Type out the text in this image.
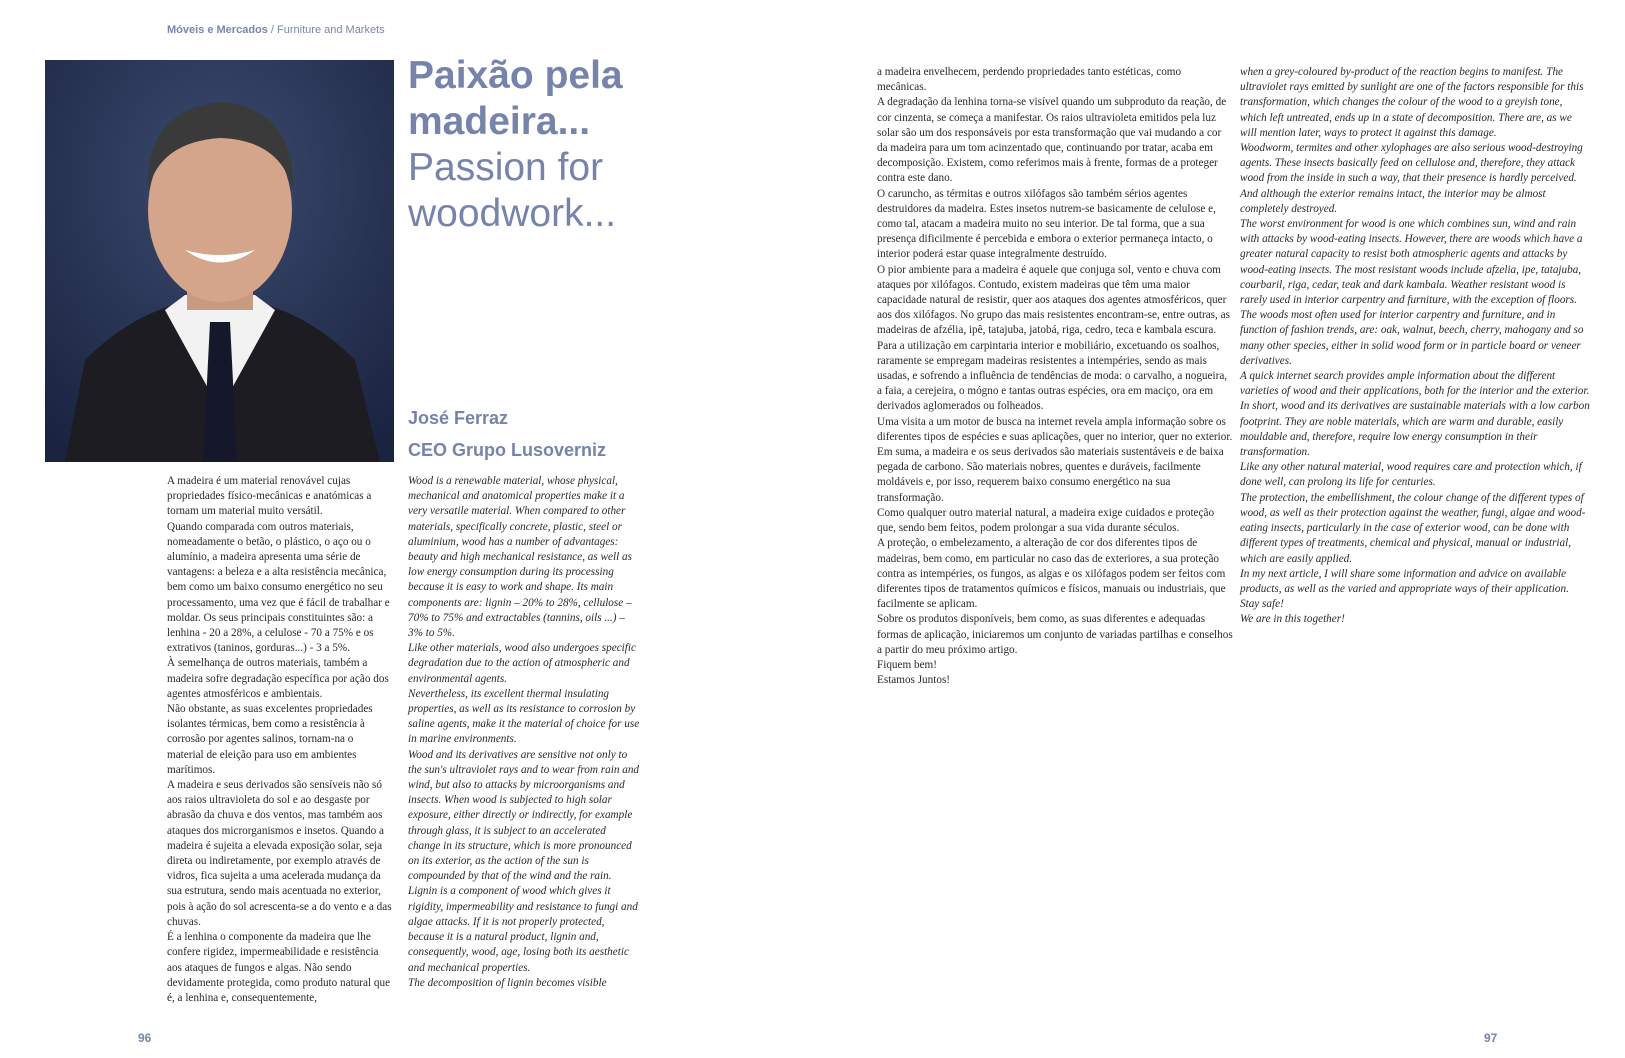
Móveis e Mercados / Furniture and Markets
Paixão pela
madeira...
Passion for
woodwork...
José Ferraz
CEO Grupo Lusoverniz

A madeira é um material renovável cujas propriedades físico-mecânicas e anatómicas a tornam um material muito versátil.

Quando comparada com outros materiais, nomeadamente o betão, o plástico, o aço ou o alumínio, a madeira apresenta uma série de vantagens: a beleza e a alta resistência mecânica, bem como um baixo consumo energético no seu processamento, uma vez que é fácil de trabalhar e moldar. Os seus principais constituintes são: a lenhina - 20 a 28%, a celulose - 70 a 75% e os extrativos (taninos, gorduras...) - 3 a 5%.

À semelhança de outros materiais, também a madeira sofre degradação específica por ação dos agentes atmosféricos e ambientais.

Não obstante, as suas excelentes propriedades isolantes térmicas, bem como a resistência à corrosão por agentes salinos, tornam-na o material de eleição para uso em ambientes marítimos.

A madeira e seus derivados são sensíveis não só aos raios ultravioleta do sol e ao desgaste por abrasão da chuva e dos ventos, mas também aos ataques dos microrganismos e insetos. Quando a madeira é sujeita a elevada exposição solar, seja direta ou indiretamente, por exemplo através de vidros, fica sujeita a uma acelerada mudança da sua estrutura, sendo mais acentuada no exterior, pois à ação do sol acrescenta-se a do vento e a das chuvas.

É a lenhina o componente da madeira que lhe confere rigidez, impermeabilidade e resistência aos ataques de fungos e algas. Não sendo devidamente protegida, como produto natural que é, a lenhina e, consequentemente,

Wood is a renewable material, whose physical, mechanical and anatomical properties make it a very versatile material. When compared to other materials, specifically concrete, plastic, steel or aluminium, wood has a number of advantages: beauty and high mechanical resistance, as well as low energy consumption during its processing because it is easy to work and shape. Its main components are: lignin – 20% to 28%, cellulose – 70% to 75% and extractables (tannins, oils ...) – 3% to 5%.

Like other materials, wood also undergoes specific degradation due to the action of atmospheric and environmental agents.

Nevertheless, its excellent thermal insulating properties, as well as its resistance to corrosion by saline agents, make it the material of choice for use in marine environments.

Wood and its derivatives are sensitive not only to the sun's ultraviolet rays and to wear from rain and wind, but also to attacks by microorganisms and insects. When wood is subjected to high solar exposure, either directly or indirectly, for example through glass, it is subject to an accelerated change in its structure, which is more pronounced on its exterior, as the action of the sun is compounded by that of the wind and the rain.

Lignin is a component of wood which gives it rigidity, impermeability and resistance to fungi and algae attacks. If it is not properly protected, because it is a natural product, lignin and, consequently, wood, age, losing both its aesthetic and mechanical properties.

The decomposition of lignin becomes visible

a madeira envelhecem, perdendo propriedades tanto estéticas, como mecânicas.

A degradação da lenhina torna-se visível quando um subproduto da reação, de cor cinzenta, se começa a manifestar. Os raios ultravioleta emitidos pela luz solar são um dos responsáveis por esta transformação que vai mudando a cor da madeira para um tom acinzentado que, continuando por tratar, acaba em decomposição. Existem, como referimos mais à frente, formas de a proteger contra este dano.

O caruncho, as térmitas e outros xilófagos são também sérios agentes destruidores da madeira. Estes insetos nutrem-se basicamente de celulose e, como tal, atacam a madeira muito no seu interior. De tal forma, que a sua presença dificilmente é percebida e embora o exterior permaneça intacto, o interior poderá estar quase integralmente destruído.

O pior ambiente para a madeira é aquele que conjuga sol, vento e chuva com ataques por xilófagos. Contudo, existem madeiras que têm uma maior capacidade natural de resistir, quer aos ataques dos agentes atmosféricos, quer aos dos xilófagos. No grupo das mais resistentes encontram-se, entre outras, as madeiras de afzélia, ipê, tatajuba, jatobá, riga, cedro, teca e kambala escura. Para a utilização em carpintaria interior e mobiliário, excetuando os soalhos, raramente se empregam madeiras resistentes a intempéries, sendo as mais usadas, e sofrendo a influência de tendências de moda: o carvalho, a nogueira, a faia, a cerejeira, o mógno e tantas outras espécies, ora em maciço, ora em derivados aglomerados ou folheados.

Uma visita a um motor de busca na internet revela ampla informação sobre os diferentes tipos de espécies e suas aplicações, quer no interior, quer no exterior.

Em suma, a madeira e os seus derivados são materiais sustentáveis e de baixa pegada de carbono. São materiais nobres, quentes e duráveis, facilmente moldáveis e, por isso, requerem baixo consumo energético na sua transformação.

Como qualquer outro material natural, a madeira exige cuidados e proteção que, sendo bem feitos, podem prolongar a sua vida durante séculos.

A proteção, o embelezamento, a alteração de cor dos diferentes tipos de madeiras, bem como, em particular no caso das de exteriores, a sua proteção contra as intempéries, os fungos, as algas e os xilófagos podem ser feitos com diferentes tipos de tratamentos químicos e físicos, manuais ou industriais, que facilmente se aplicam.

Sobre os produtos disponíveis, bem como, as suas diferentes e adequadas formas de aplicação, iniciaremos um conjunto de variadas partilhas e conselhos a partir do meu próximo artigo.

Fiquem bem!

Estamos Juntos!

when a grey-coloured by-product of the reaction begins to manifest. The ultraviolet rays emitted by sunlight are one of the factors responsible for this transformation, which changes the colour of the wood to a greyish tone, which left untreated, ends up in a state of decomposition. There are, as we will mention later, ways to protect it against this damage.

Woodworm, termites and other xylophages are also serious wood-destroying agents. These insects basically feed on cellulose and, therefore, they attack wood from the inside in such a way, that their presence is hardly perceived. And although the exterior remains intact, the interior may be almost completely destroyed.

The worst environment for wood is one which combines sun, wind and rain with attacks by wood-eating insects. However, there are woods which have a greater natural capacity to resist both atmospheric agents and attacks by wood-eating insects. The most resistant woods include afzelia, ipe, tatajuba, courbaril, riga, cedar, teak and dark kambala. Weather resistant wood is rarely used in interior carpentry and furniture, with the exception of floors. The woods most often used for interior carpentry and furniture, and in function of fashion trends, are: oak, walnut, beech, cherry, mahogany and so many other species, either in solid wood form or in particle board or veneer derivatives.

A quick internet search provides ample information about the different varieties of wood and their applications, both for the interior and the exterior.

In short, wood and its derivatives are sustainable materials with a low carbon footprint. They are noble materials, which are warm and durable, easily mouldable and, therefore, require low energy consumption in their transformation.

Like any other natural material, wood requires care and protection which, if done well, can prolong its life for centuries.

The protection, the embellishment, the colour change of the different types of wood, as well as their protection against the weather, fungi, algae and wood-eating insects, particularly in the case of exterior wood, can be done with different types of treatments, chemical and physical, manual or industrial, which are easily applied.

In my next article, I will share some information and advice on available products, as well as the varied and appropriate ways of their application.

Stay safe!

We are in this together!

96	97
